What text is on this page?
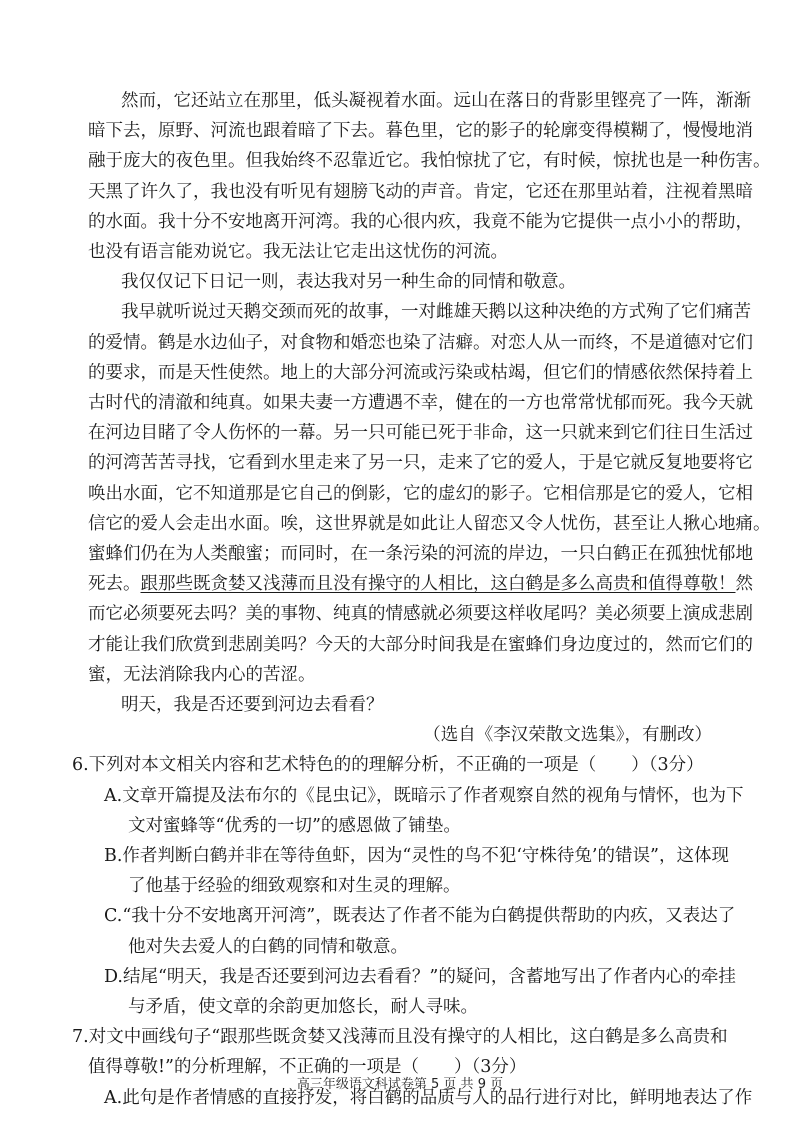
然而，它还站立在那里，低头凝视着水面。远山在落日的背影里铿亮了一阵，渐渐
暗下去，原野、河流也跟着暗了下去。暮色里，它的影子的轮廓变得模糊了，慢慢地消
融于庞大的夜色里。但我始终不忍靠近它。我怕惊扰了它，有时候，惊扰也是一种伤害。
天黑了许久了，我也没有听见有翅膀飞动的声音。肯定，它还在那里站着，注视着黑暗
的水面。我十分不安地离开河湾。我的心很内疚，我竟不能为它提供一点小小的帮助，
也没有语言能劝说它。我无法让它走出这忧伤的河流。
我仅仅记下日记一则，表达我对另一种生命的同情和敬意。
我早就听说过天鹅交颈而死的故事，一对雌雄天鹅以这种决绝的方式殉了它们痛苦
的爱情。鹤是水边仙子，对食物和婚恋也染了洁癖。对恋人从一而终，不是道德对它们
的要求，而是天性使然。地上的大部分河流或污染或枯竭，但它们的情感依然保持着上
古时代的清澈和纯真。如果夫妻一方遭遇不幸，健在的一方也常常忧郁而死。我今天就
在河边目睹了令人伤怀的一幕。另一只可能已死于非命，这一只就来到它们往日生活过
的河湾苦苦寻找，它看到水里走来了另一只，走来了它的爱人，于是它就反复地要将它
唤出水面，它不知道那是它自己的倒影，它的虚幻的影子。它相信那是它的爱人，它相
信它的爱人会走出水面。唉，这世界就是如此让人留恋又令人忧伤，甚至让人揪心地痛。
蜜蜂们仍在为人类酿蜜；而同时，在一条污染的河流的岸边，一只白鹤正在孤独忧郁地
死去。跟那些既贪婪又浅薄而且没有操守的人相比，这白鹤是多么高贵和值得尊敬！然
而它必须要死去吗？美的事物、纯真的情感就必须要这样收尾吗？美必须要上演成悲剧
才能让我们欣赏到悲剧美吗？今天的大部分时间我是在蜜蜂们身边度过的，然而它们的
蜜，无法消除我内心的苦涩。
明天，我是否还要到河边去看看？
（选自《李汉荣散文选集》，有删改）
6.下列对本文相关内容和艺术特色的的理解分析，不正确的一项是（　　）（3分）
A.文章开篇提及法布尔的《昆虫记》，既暗示了作者观察自然的视角与情怀，也为下
文对蜜蜂等“优秀的一切”的感恩做了铺垫。
B.作者判断白鹤并非在等待鱼虾，因为“灵性的鸟不犯‘守株待兔’的错误”，这体现
了他基于经验的细致观察和对生灵的理解。
C.“我十分不安地离开河湾”，既表达了作者不能为白鹤提供帮助的内疚，又表达了
他对失去爱人的白鹤的同情和敬意。
D.结尾“明天，我是否还要到河边去看看？”的疑问，含蓄地写出了作者内心的牵挂
与矛盾，使文章的余韵更加悠长，耐人寻味。
高三年级语文科试卷第 5 页 共 9 页
7.对文中画线句子“跟那些既贪婪又浅薄而且没有操守的人相比，这白鹤是多么高贵和
值得尊敬!”的分析理解，不正确的一项是（　　）（3分）
A.此句是作者情感的直接抒发，将白鹤的品质与人的品行进行对比，鲜明地表达了作
